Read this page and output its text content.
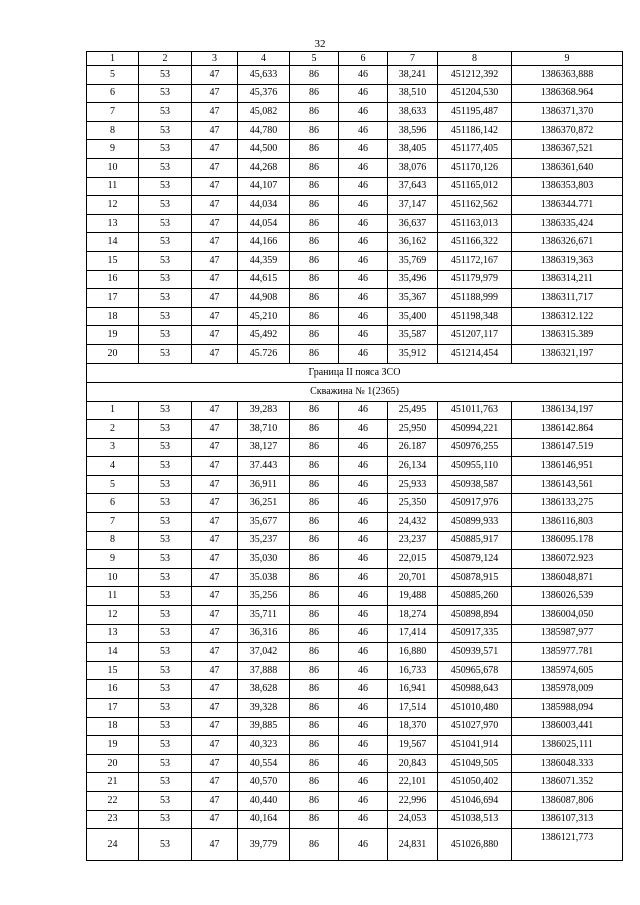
32
1	2	3	4	5	6	7	8	9
5	53	47	45,633	86	46	38,241	451212,392	1386363,888
6	53	47	45,376	86	46	38,510	451204,530	1386368.964
7	53	47	45,082	86	46	38,633	451195,487	1386371,370
8	53	47	44,780	86	46	38,596	451186,142	1386370,872
9	53	47	44,500	86	46	38,405	451177,405	1386367,521
10	53	47	44,268	86	46	38,076	451170,126	1386361,640
11	53	47	44,107	86	46	37,643	451165,012	1386353,803
12	53	47	44,034	86	46	37,147	451162,562	1386344.771
13	53	47	44,054	86	46	36,637	451163,013	1386335,424
14	53	47	44,166	86	46	36,162	451166,322	1386326,671
15	53	47	44,359	86	46	35,769	451172,167	1386319,363
16	53	47	44,615	86	46	35,496	451179,979	1386314,211
17	53	47	44,908	86	46	35,367	451188,999	1386311,717
18	53	47	45,210	86	46	35,400	451198,348	1386312.122
19	53	47	45,492	86	46	35,587	451207,117	1386315.389
20	53	47	45.726	86	46	35,912	451214,454	1386321,197
Граница II пояса ЗСО								
Скважина № 1(2365)								
1	53	47	39,283	86	46	25,495	451011,763	1386134,197
2	53	47	38,710	86	46	25,950	450994,221	1386142.864
3	53	47	38,127	86	46	26.187	450976,255	1386147.519
4	53	47	37.443	86	46	26,134	450955,110	1386146,951
5	53	47	36,911	86	46	25,933	450938,587	1386143,561
6	53	47	36,251	86	46	25,350	450917,976	1386133,275
7	53	47	35,677	86	46	24,432	450899,933	1386116,803
8	53	47	35,237	86	46	23,237	450885,917	1386095.178
9	53	47	35,030	86	46	22,015	450879,124	1386072.923
10	53	47	35.038	86	46	20,701	450878,915	1386048,871
11	53	47	35,256	86	46	19,488	450885,260	1386026,539
12	53	47	35,711	86	46	18,274	450898,894	1386004,050
13	53	47	36,316	86	46	17,414	450917,335	1385987,977
14	53	47	37,042	86	46	16,880	450939,571	1385977.781
15	53	47	37,888	86	46	16,733	450965,678	1385974,605
16	53	47	38,628	86	46	16,941	450988,643	1385978,009
17	53	47	39,328	86	46	17,514	451010,480	1385988,094
18	53	47	39,885	86	46	18,370	451027,970	1386003,441
19	53	47	40,323	86	46	19,567	451041,914	1386025,111
20	53	47	40,554	86	46	20,843	451049,505	1386048.333
21	53	47	40,570	86	46	22,101	451050,402	1386071.352
22	53	47	40,440	86	46	22,996	451046,694	1386087,806
23	53	47	40,164	86	46	24,053	451038,513	1386107,313
24	53	47	39,779	86	46	24,831	451026,880	1386121,773
